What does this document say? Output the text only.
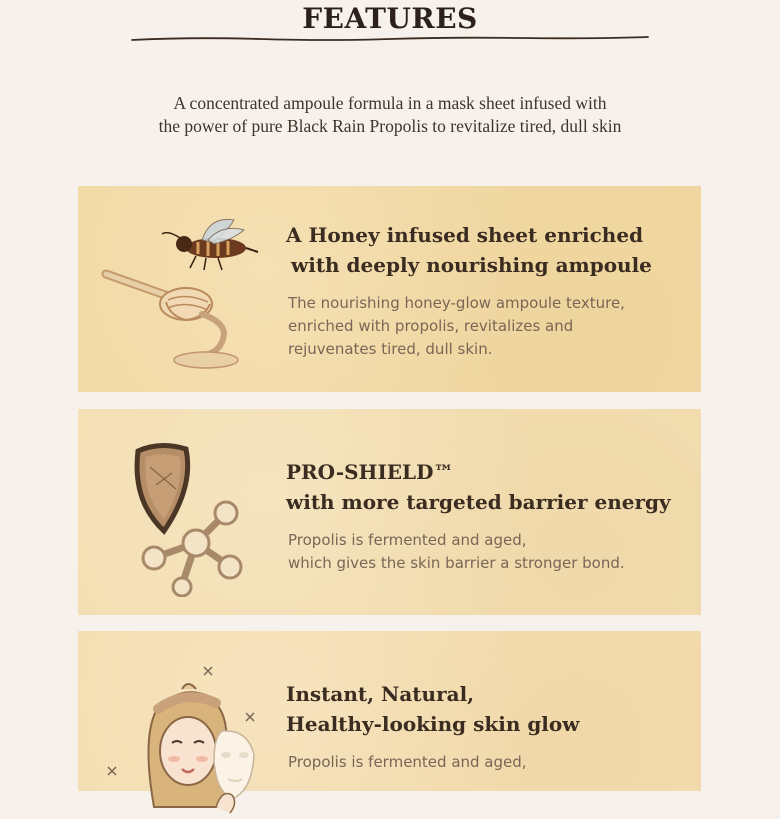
FEATURES

A concentrated ampoule formula in a mask sheet infused with
the power of pure Black Rain Propolis to revitalize tired, dull skin

A Honey infused sheet enriched
with deeply nourishing ampoule

The nourishing honey-glow ampoule texture,
enriched with propolis, revitalizes and
rejuvenates tired, dull skin.

PRO-SHIELD™
with more targeted barrier energy

Propolis is fermented and aged,
which gives the skin barrier a stronger bond.

Instant, Natural,
Healthy-looking skin glow

Propolis is fermented and aged,
